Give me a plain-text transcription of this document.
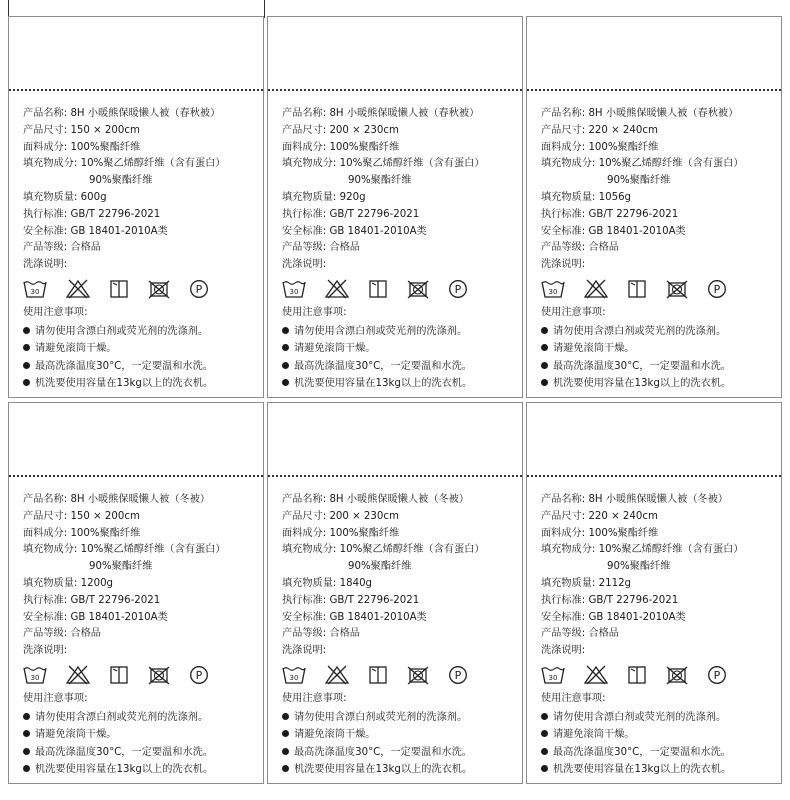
产品名称: 8H 小暖熊保暖懒人被（春秋被）
产品尺寸: 150 × 200cm
面料成分: 100%聚酯纤维
填充物成分: 10%聚乙烯醇纤维（含有蛋白）
90%聚酯纤维
填充物质量: 600g
执行标准: GB/T 22796-2021
安全标准: GB 18401-2010A类
产品等级: 合格品
洗涤说明:
30	P
使用注意事项:
请勿使用含漂白剂或荧光剂的洗涤剂。
请避免滚筒干燥。
最高洗涤温度30°C，一定要温和水洗。
机洗要使用容量在13kg以上的洗衣机。
产品名称: 8H 小暖熊保暖懒人被（春秋被）
产品尺寸: 200 × 230cm
面料成分: 100%聚酯纤维
填充物成分: 10%聚乙烯醇纤维（含有蛋白）
90%聚酯纤维
填充物质量: 920g
执行标准: GB/T 22796-2021
安全标准: GB 18401-2010A类
产品等级: 合格品
洗涤说明:
30	P
使用注意事项:
请勿使用含漂白剂或荧光剂的洗涤剂。
请避免滚筒干燥。
最高洗涤温度30°C，一定要温和水洗。
机洗要使用容量在13kg以上的洗衣机。
产品名称: 8H 小暖熊保暖懒人被（春秋被）
产品尺寸: 220 × 240cm
面料成分: 100%聚酯纤维
填充物成分: 10%聚乙烯醇纤维（含有蛋白）
90%聚酯纤维
填充物质量: 1056g
执行标准: GB/T 22796-2021
安全标准: GB 18401-2010A类
产品等级: 合格品
洗涤说明:
30	P
使用注意事项:
请勿使用含漂白剂或荧光剂的洗涤剂。
请避免滚筒干燥。
最高洗涤温度30°C，一定要温和水洗。
机洗要使用容量在13kg以上的洗衣机。
产品名称: 8H 小暖熊保暖懒人被（冬被）
产品尺寸: 150 × 200cm
面料成分: 100%聚酯纤维
填充物成分: 10%聚乙烯醇纤维（含有蛋白）
90%聚酯纤维
填充物质量: 1200g
执行标准: GB/T 22796-2021
安全标准: GB 18401-2010A类
产品等级: 合格品
洗涤说明:
30	P
使用注意事项:
请勿使用含漂白剂或荧光剂的洗涤剂。
请避免滚筒干燥。
最高洗涤温度30°C，一定要温和水洗。
机洗要使用容量在13kg以上的洗衣机。
产品名称: 8H 小暖熊保暖懒人被（冬被）
产品尺寸: 200 × 230cm
面料成分: 100%聚酯纤维
填充物成分: 10%聚乙烯醇纤维（含有蛋白）
90%聚酯纤维
填充物质量: 1840g
执行标准: GB/T 22796-2021
安全标准: GB 18401-2010A类
产品等级: 合格品
洗涤说明:
30	P
使用注意事项:
请勿使用含漂白剂或荧光剂的洗涤剂。
请避免滚筒干燥。
最高洗涤温度30°C，一定要温和水洗。
机洗要使用容量在13kg以上的洗衣机。
产品名称: 8H 小暖熊保暖懒人被（冬被）
产品尺寸: 220 × 240cm
面料成分: 100%聚酯纤维
填充物成分: 10%聚乙烯醇纤维（含有蛋白）
90%聚酯纤维
填充物质量: 2112g
执行标准: GB/T 22796-2021
安全标准: GB 18401-2010A类
产品等级: 合格品
洗涤说明:
30	P
使用注意事项:
请勿使用含漂白剂或荧光剂的洗涤剂。
请避免滚筒干燥。
最高洗涤温度30°C，一定要温和水洗。
机洗要使用容量在13kg以上的洗衣机。
